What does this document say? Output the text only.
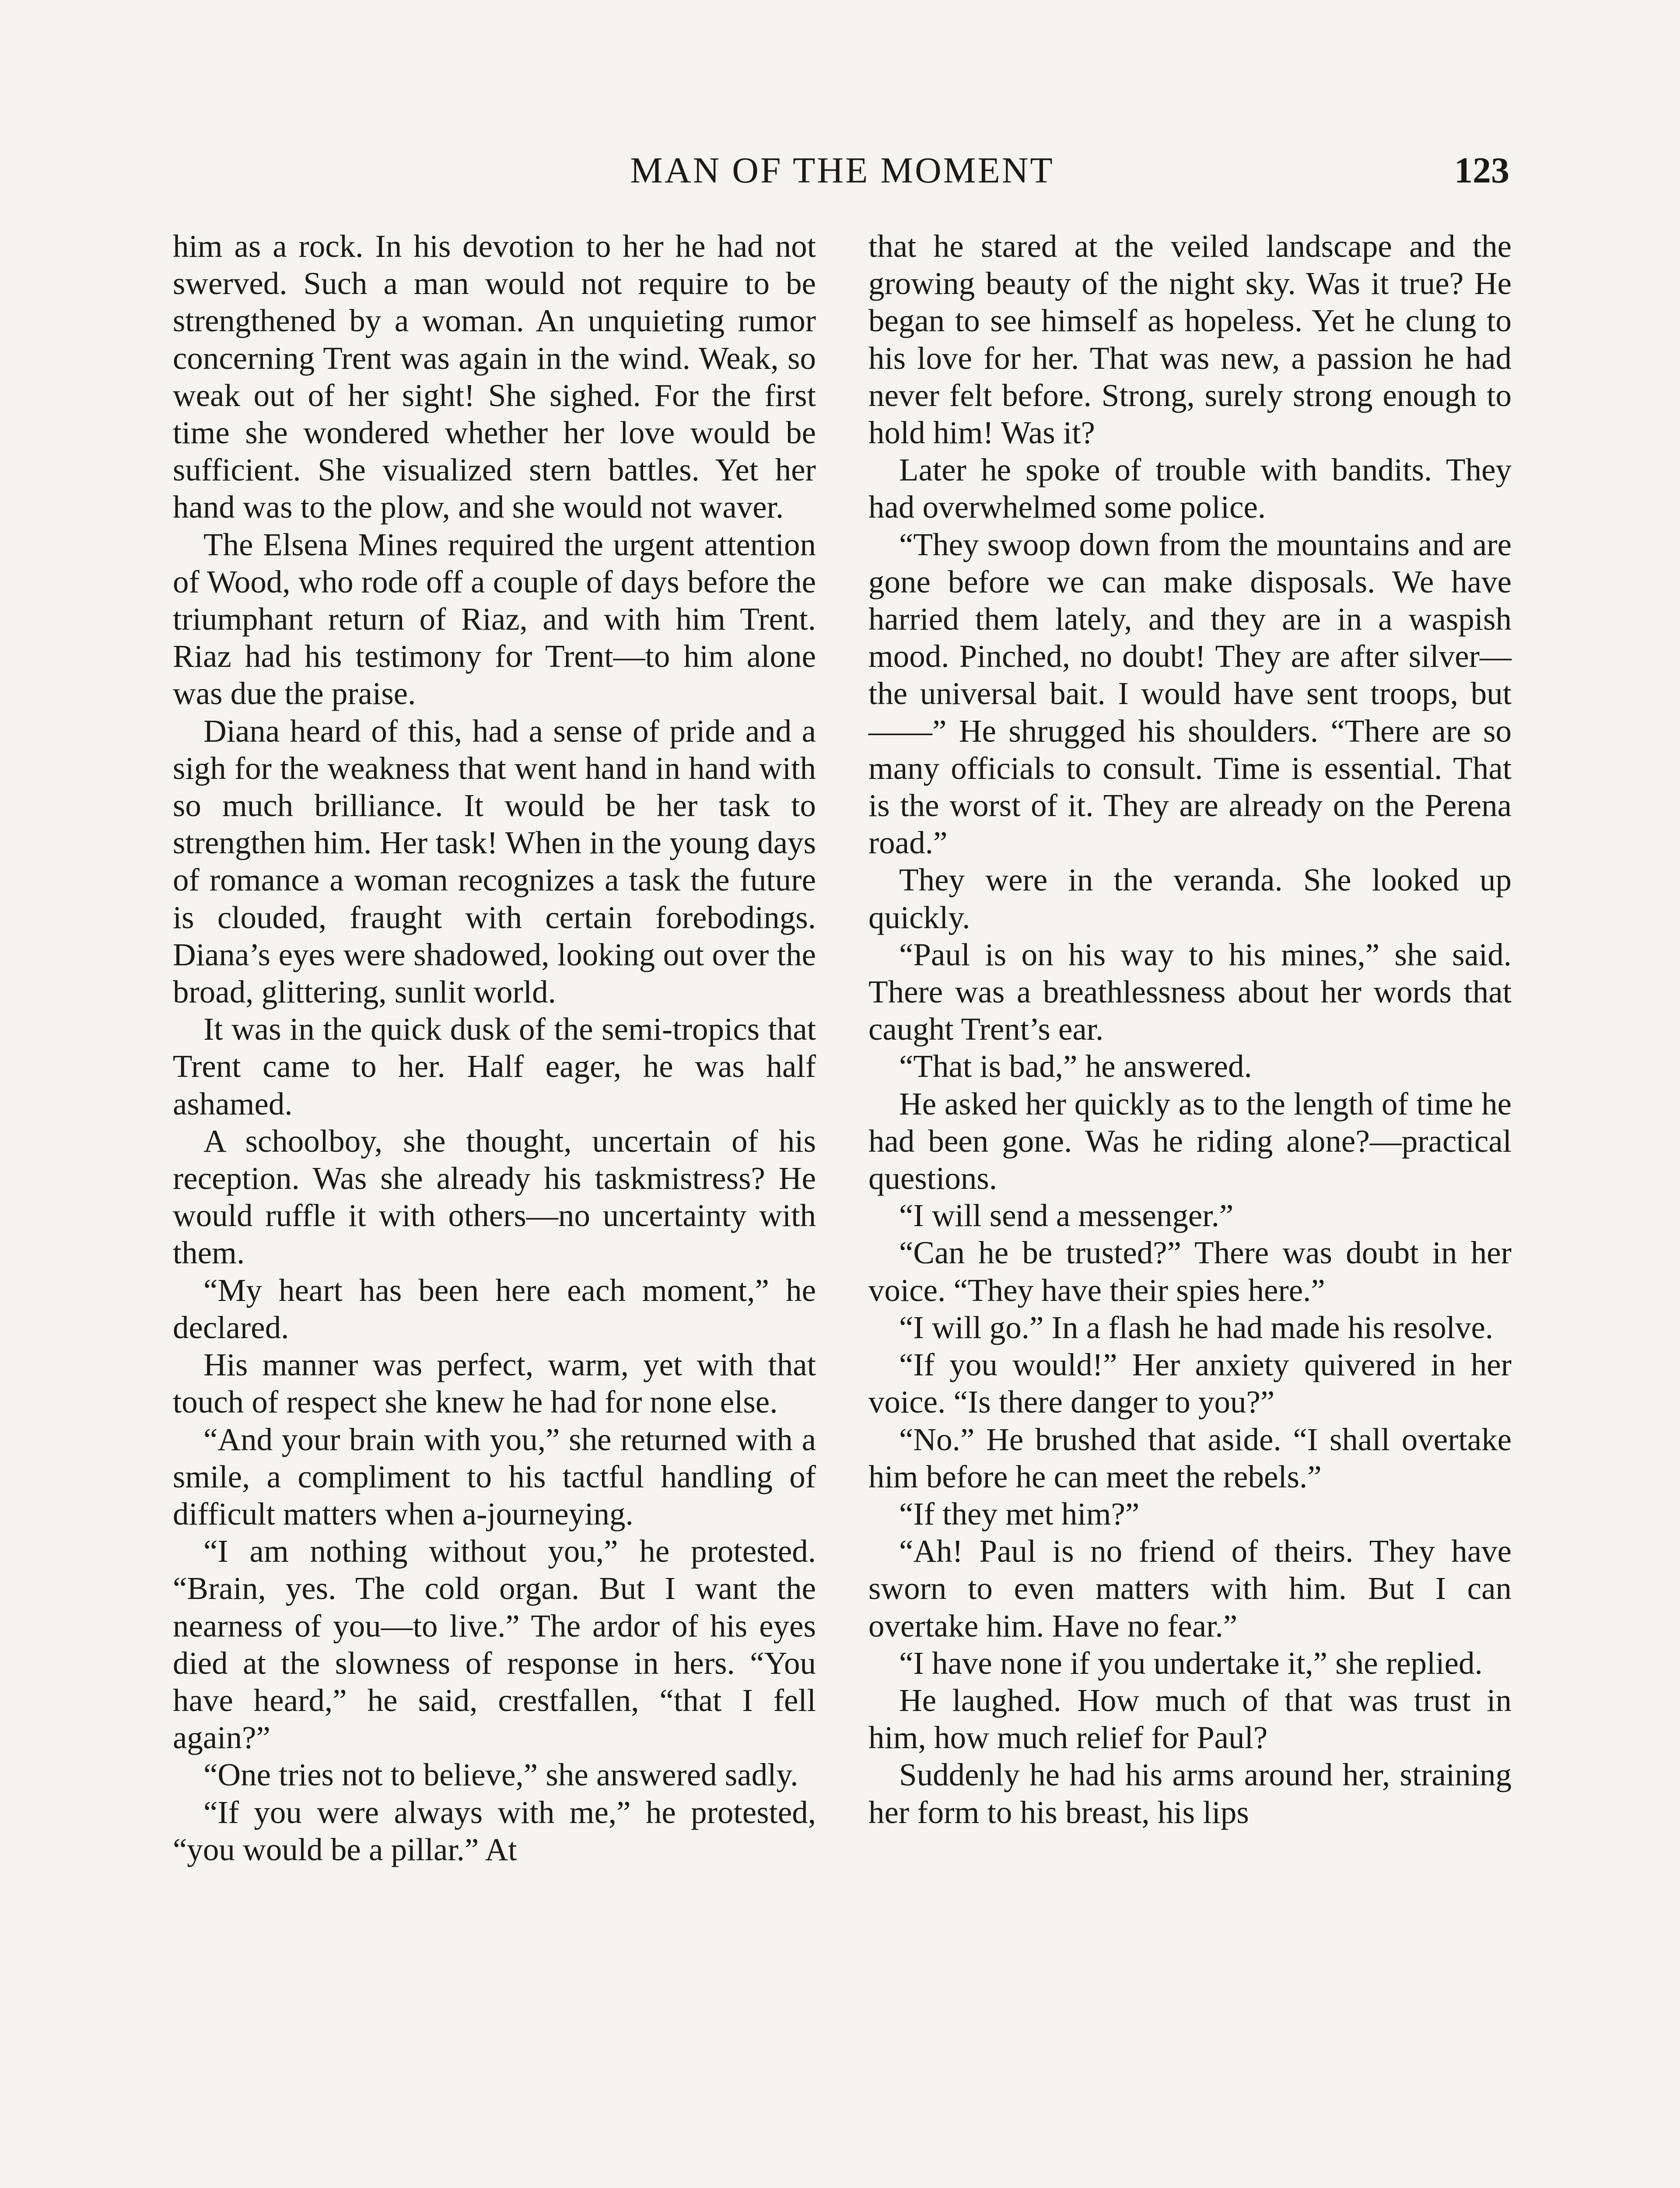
MAN OF THE MOMENT	123

him as a rock. In his devotion to her he had not swerved. Such a man would not require to be strengthened by a woman. An unquieting rumor concerning Trent was again in the wind. Weak, so weak out of her sight! She sighed. For the first time she wondered whether her love would be sufficient. She visualized stern battles. Yet her hand was to the plow, and she would not waver.

The Elsena Mines required the urgent attention of Wood, who rode off a couple of days before the triumphant return of Riaz, and with him Trent. Riaz had his testimony for Trent—to him alone was due the praise.

Diana heard of this, had a sense of pride and a sigh for the weakness that went hand in hand with so much brilliance. It would be her task to strengthen him. Her task! When in the young days of romance a woman recognizes a task the future is clouded, fraught with certain forebodings. Diana’s eyes were shadowed, looking out over the broad, glittering, sunlit world.

It was in the quick dusk of the semi-tropics that Trent came to her. Half eager, he was half ashamed.

A schoolboy, she thought, uncertain of his reception. Was she already his taskmistress? He would ruffle it with others—no uncertainty with them.

“My heart has been here each moment,” he declared.

His manner was perfect, warm, yet with that touch of respect she knew he had for none else.

“And your brain with you,” she returned with a smile, a compliment to his tactful handling of difficult matters when a-journeying.

“I am nothing without you,” he protested. “Brain, yes. The cold organ. But I want the nearness of you—to live.” The ardor of his eyes died at the slowness of response in hers. “You have heard,” he said, crestfallen, “that I fell again?”

“One tries not to believe,” she answered sadly.

“If you were always with me,” he protested, “you would be a pillar.” At

that he stared at the veiled landscape and the growing beauty of the night sky. Was it true? He began to see himself as hopeless. Yet he clung to his love for her. That was new, a passion he had never felt before. Strong, surely strong enough to hold him! Was it?

Later he spoke of trouble with bandits. They had overwhelmed some police.

“They swoop down from the mountains and are gone before we can make disposals. We have harried them lately, and they are in a waspish mood. Pinched, no doubt! They are after silver—the universal bait. I would have sent troops, but——” He shrugged his shoulders. “There are so many officials to consult. Time is essential. That is the worst of it. They are already on the Perena road.”

They were in the veranda. She looked up quickly.

“Paul is on his way to his mines,” she said. There was a breathlessness about her words that caught Trent’s ear.

“That is bad,” he answered.

He asked her quickly as to the length of time he had been gone. Was he riding alone?—practical questions.

“I will send a messenger.”

“Can he be trusted?” There was doubt in her voice. “They have their spies here.”

“I will go.” In a flash he had made his resolve.

“If you would!” Her anxiety quivered in her voice. “Is there danger to you?”

“No.” He brushed that aside. “I shall overtake him before he can meet the rebels.”

“If they met him?”

“Ah! Paul is no friend of theirs. They have sworn to even matters with him. But I can overtake him. Have no fear.”

“I have none if you undertake it,” she replied.

He laughed. How much of that was trust in him, how much relief for Paul?

Suddenly he had his arms around her, straining her form to his breast, his lips
